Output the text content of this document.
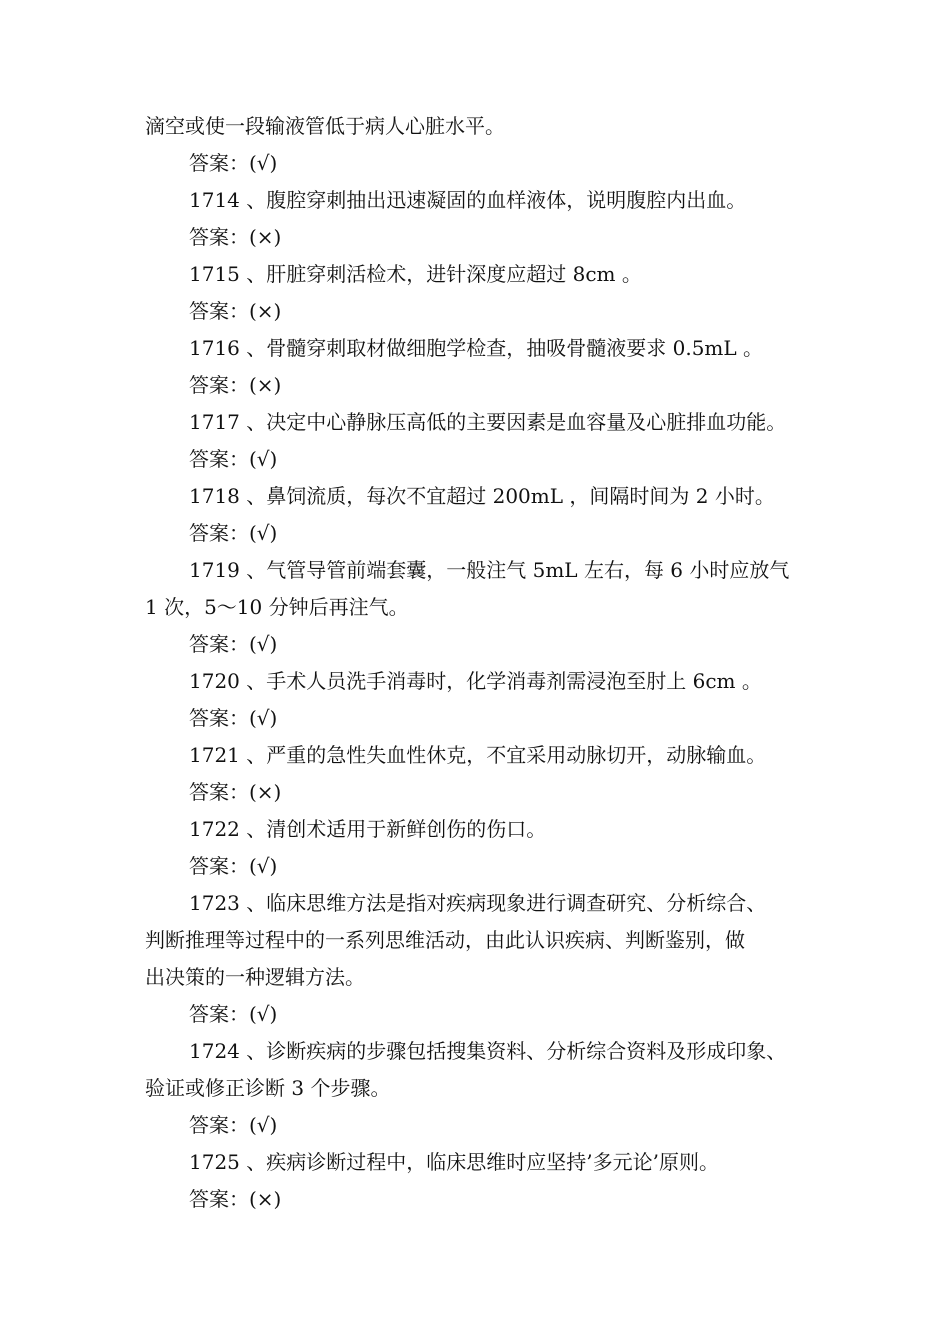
滴空或使一段输液管低于病人心脏水平。

答案：(√)

1714 、腹腔穿刺抽出迅速凝固的血样液体，说明腹腔内出血。

答案：(×)

1715 、肝脏穿刺活检术，进针深度应超过 8cm 。

答案：(×)

1716 、骨髓穿刺取材做细胞学检查，抽吸骨髓液要求 0.5mL 。

答案：(×)

1717 、决定中心静脉压高低的主要因素是血容量及心脏排血功能。

答案：(√)

1718 、鼻饲流质，每次不宜超过 200mL ，间隔时间为 2 小时。

答案：(√)

1719 、气管导管前端套囊，一般注气 5mL 左右，每 6 小时应放气

1 次，5～10 分钟后再注气。

答案：(√)

1720 、手术人员洗手消毒时，化学消毒剂需浸泡至肘上 6cm 。

答案：(√)

1721 、严重的急性失血性休克，不宜采用动脉切开，动脉输血。

答案：(×)

1722 、清创术适用于新鲜创伤的伤口。

答案：(√)

1723 、临床思维方法是指对疾病现象进行调查研究、分析综合、

判断推理等过程中的一系列思维活动，由此认识疾病、判断鉴别，做

出决策的一种逻辑方法。

答案：(√)

1724 、诊断疾病的步骤包括搜集资料、分析综合资料及形成印象、

验证或修正诊断 3 个步骤。

答案：(√)

1725 、疾病诊断过程中，临床思维时应坚持’多元论’原则。

答案：(×)
